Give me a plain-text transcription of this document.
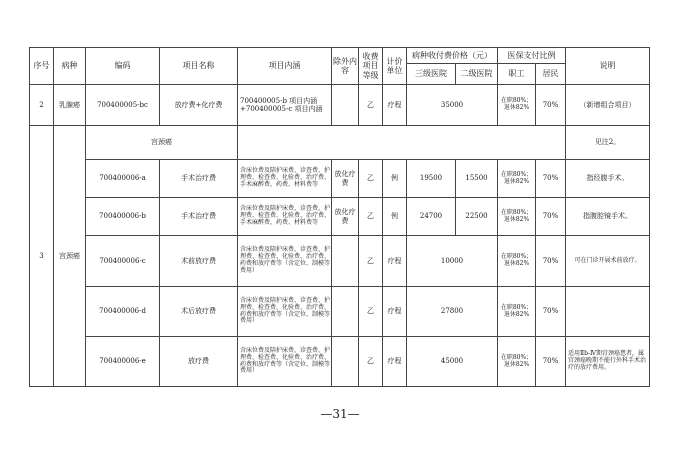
序号	病种	编码	项目名称	项目内涵	除外内容	收费项目等级	计价单位	病种收付费价格（元）		医保支付比例		说明
								三级医院	二级医院	职工	居民	
2	乳腺癌	700400005-bc	放疗费+化疗费	700400005-b 项目内涵+700400005-c 项目内涵		乙	疗程	35000		在职80%；退休82%	70%	（新增组合项目）
3	宫颈癌	宫颈癌										见注2。
		700400006-a	手术治疗费	含床位费及陪护床费、诊查费、护理费、检查费、化验费、治疗费、手术麻醉费、药费、材料费等	放化疗费	乙	例	19500	15500	在职80%；退休82%	70%	指经腹手术。
		700400006-b	手术治疗费	含床位费及陪护床费、诊查费、护理费、检查费、化验费、治疗费、手术麻醉费、药费、材料费等	放化疗费	乙	例	24700	22500	在职80%；退休82%	70%	指腹腔镜手术。
		700400006-c	术前放疗费	含床位费及陪护床费、诊查费、护理费、检查费、化验费、治疗费、药费和放疗费等（含定位、制模等费用）		乙	疗程	10000		在职80%；退休82%	70%	可在门诊开展术前放疗。
		700400006-d	术后放疗费	含床位费及陪护床费、诊查费、护理费、检查费、化验费、治疗费、药费和放疗费等（含定位、制模等费用）		乙	疗程	27800		在职80%；退休82%	70%	
		700400006-e	放疗费	含床位费及陪护床费、诊查费、护理费、检查费、化验费、治疗费、药费和放疗费等（含定位、制模等费用）		乙	疗程	45000		在职80%；退休82%	70%	适用Ⅱb-Ⅳ期宫颈癌患者，属宫颈癌晚期不能行外科手术治疗的放疗费用。
—31—
